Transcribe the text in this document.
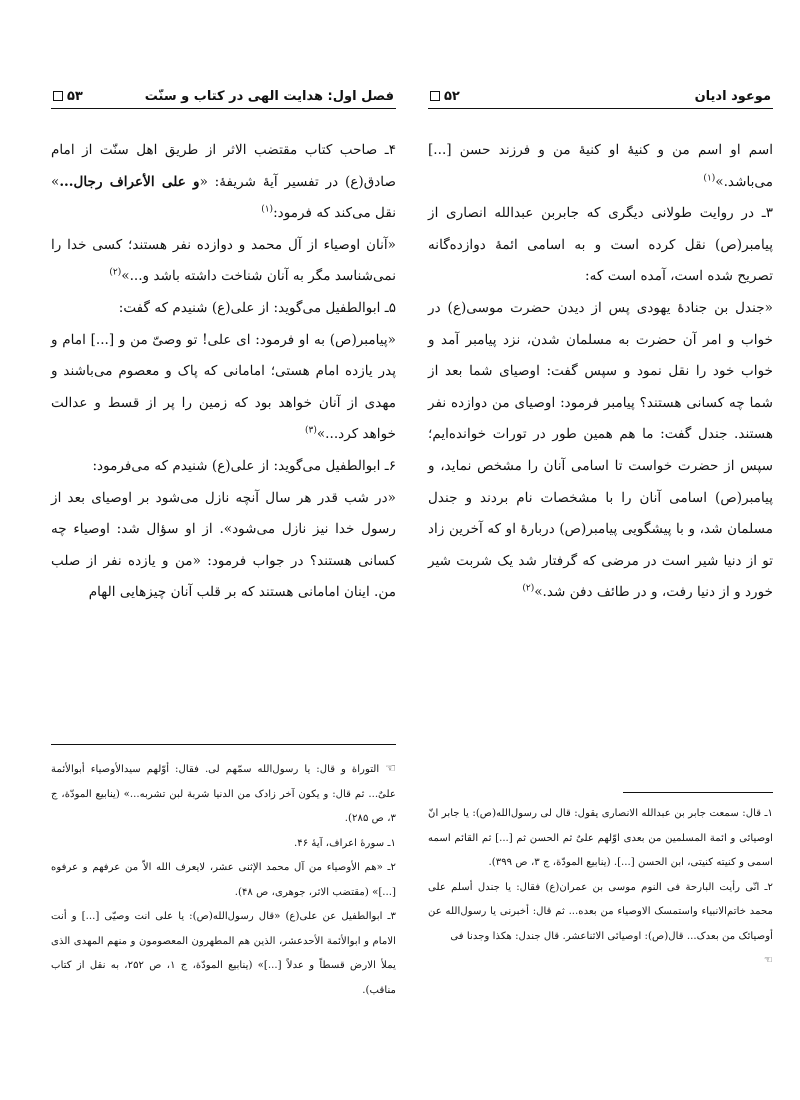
موعود ادیان
۵۲

اسم او اسم من و کنیهٔ او کنیهٔ من و فرزند حسن [...] می‌باشد.»$^{(۱)}$

۳ـ در روایت طولانی دیگری که جابربن عبدالله انصاری از پیامبر(ص) نقل کرده است و به اسامی ائمهٔ دوازده‌گانه تصریح شده است، آمده است که:

«جندل بن جنادهٔ یهودی پس از دیدن حضرت موسی(ع) در خواب و امر آن حضرت به مسلمان شدن، نزد پیامبر آمد و خواب خود را نقل نمود و سپس گفت: اوصیای شما بعد از شما چه کسانی هستند؟ پیامبر فرمود: اوصیای من دوازده نفر هستند. جندل گفت: ما هم همین طور در تورات خوانده‌ایم؛ سپس از حضرت خواست تا اسامی آنان را مشخص نماید، و پیامبر(ص) اسامی آنان را با مشخصات نام بردند و جندل مسلمان شد، و با پیشگویی پیامبر(ص) دربارهٔ او که آخرین زاد تو از دنیا شیر است در مرضی که گرفتار شد یک شربت شیر خورد و از دنیا رفت، و در طائف دفن شد.»$^{(۲)}$

۱ـ قال: سمعت جابر بن عبدالله الانصاری یقول: قال لی رسول‌الله(ص): یا جابر انّ اوصیائی و ائمة المسلمین من بعدی اوّلهم علیٌ ثم الحسن ثم [...] ثم القائم اسمه اسمی و کنیته کنیتی، ابن الحسن [...]. (ینابیع المودّة، ج ۳، ص ۳۹۹).

۲ـ انّی رأیت البارحة فی النوم موسی بن عمران(ع) فقال: یا جندل أسلم علی محمد خاتم‌الانبیاء واستمسک الاوصیاء من بعده... ثم قال: أخبرنی یا رسول‌الله عن أوصیائک من بعدک... قال(ص): اوصیائی الاثناعشر. قال جندل: هکذا وجدنا فی

☜

فصل اول: هدایت الهی در کتاب و سنّت
۵۳

۴ـ صاحب کتاب مقتضب الاثر از طریق اهل سنّت از امام صادق(ع) در تفسیر آیهٔ شریفهٔ: «و علی الأعراف رجال...» نقل می‌کند که فرمود:$^{(۱)}$

«آنان اوصیاء از آل محمد و دوازده نفر هستند؛ کسی خدا را نمی‌شناسد مگر به آنان شناخت داشته باشد و...»$^{(۲)}$

۵ـ ابوالطفیل می‌گوید: از علی(ع) شنیدم که گفت:

«پیامبر(ص) به او فرمود: ای علی! تو وصیّ من و [...] امام و پدر یازده امام هستی؛ امامانی که پاک و معصوم می‌باشند و مهدی از آنان خواهد بود که زمین را پر از قسط و عدالت خواهد کرد...»$^{(۳)}$

۶ـ ابوالطفیل می‌گوید: از علی(ع) شنیدم که می‌فرمود:

«در شب قدر هر سال آنچه نازل می‌شود بر اوصیای بعد از رسول خدا نیز نازل می‌شود». از او سؤال شد: اوصیاء چه کسانی هستند؟ در جواب فرمود: «من و یازده نفر از صلب من. اینان امامانی هستند که بر قلب آنان چیزهایی الهام

☜التوراة و قال: یا رسول‌الله سمّهم لی. فقال: أوّلهم سیدالأوصیاء أبوالأئمة علیٌ... ثم قال: و یکون آخر زادک من الدنیا شربة لبن تشربه...» (ینابیع المودّة، ج ۳، ص ۲۸۵).

۱ـ سورهٔ اعراف، آیهٔ ۴۶.

۲ـ «هم الأوصیاء من آل محمد الإثنی عشر، لایعرف الله الاّ من عرفهم و عرفوه [...]» (مقتضب الاثر، جوهری، ص ۴۸).

۳ـ ابوالطفیل عن علی(ع) «قال رسول‌الله(ص): یا علی انت وصیّی [...] و أنت الامام و ابوالأئمة الأحدعشر، الذین هم المطهرون المعصومون و منهم المهدی الذی یملأ الارض قسطاً و عدلاً [...]» (ینابیع المودّة، ج ۱، ص ۲۵۲، به نقل از کتاب مناقب).
